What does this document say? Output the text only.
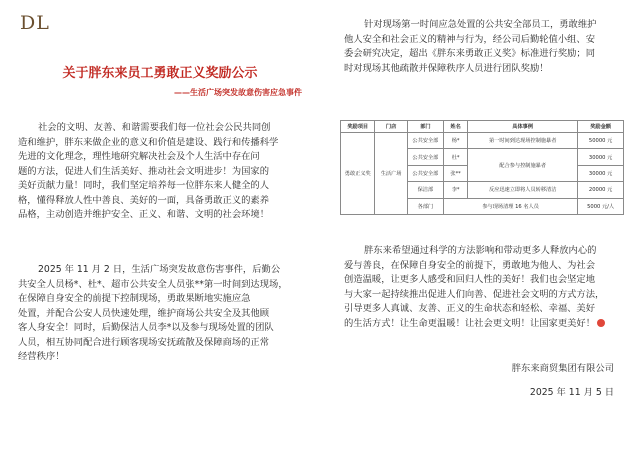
DL
关于胖东来员工勇敢正义奖励公示
——生活广场突发故意伤害应急事件

社会的文明、友善、和谐需要我们每一位社会公民共同创
造和维护，胖东来做企业的意义和价值是建设、践行和传播科学
先进的文化理念，理性地研究解决社会及个人生活中存在问
题的方法，促进人们生活美好、推动社会文明进步！为国家的
美好贡献力量！同时，我们坚定培养每一位胖东来人健全的人
格，懂得释放人性中善良、美好的一面，具备勇敢正义的素养
品格，主动创造并维护安全、正义、和谐、文明的社会环境！

2025 年 11 月 2 日，生活广场突发故意伤害事件，后勤公
共安全人员杨*、杜*、超市公共安全人员张**第一时间到达现场，
在保障自身安全的前提下控制现场，勇敢果断地实施应急
处置，并配合公安人员快速处理，维护商场公共安全及其他顾
客人身安全！同时，后勤保洁人员李*以及参与现场处置的团队
人员，相互协同配合进行顾客现场安抚疏散及保障商场的正常
经营秩序！

针对现场第一时间应急处置的公共安全部员工，勇敢维护
他人安全和社会正义的精神与行为，经公司后勤轮值小组、安
委会研究决定，超出《胖东来勇敢正义奖》标准进行奖励；同
时对现场其他疏散并保障秩序人员进行团队奖励！

奖励项目	门店	部门	姓名	具体事例	奖励金额
勇敢正义奖	生活广场	公共安全部	杨*	第一时间到达现场控制施暴者	50000 元
		公共安全部	杜*	配合参与控制施暴者	30000 元
		公共安全部	张**		30000 元
		保洁部	李*	反应迅速立即将人员转移清洁	20000 元
		各部门	参与现场清理 16 名人员		5000 元/人

胖东来希望通过科学的方法影响和带动更多人释放内心的
爱与善良，在保障自身安全的前提下，勇敢地为他人、为社会
创造温暖，让更多人感受和回归人性的美好！我们也会坚定地
与大家一起持续推出促进人们向善、促进社会文明的方式方法，
引导更多人真诚、友善、正义的生命状态和轻松、幸福、美好
的生活方式！让生命更温暖！让社会更文明！让国家更美好！

胖东来商贸集团有限公司
2025 年 11 月 5 日
